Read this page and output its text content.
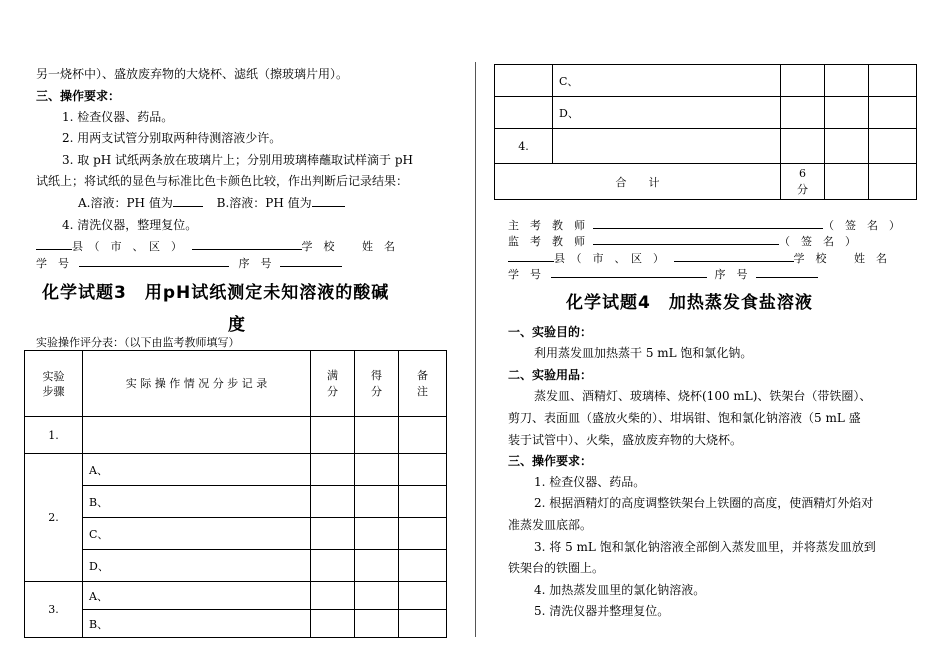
另一烧杯中）、盛放废弃物的大烧杯、滤纸（擦玻璃片用）。
三、操作要求：
1. 检查仪器、药品。
2. 用两支试管分别取两种待测溶液少许。
3. 取 pH 试纸两条放在玻璃片上；分别用玻璃棒蘸取试样滴于 pH
试纸上；将试纸的显色与标准比色卡颜色比较，作出判断后记录结果：
A.溶液：PH 值为	B.溶液：PH 值为
4. 清洗仪器，整理复位。
县　（　市　、　区　）	学　校	姓　名
学　号	序　号
化学试题3　用pH试纸测定未知溶液的酸碱
度
实验操作评分表：（以下由监考教师填写）
实验步骤	实 际 操 作 情 况 分 步 记 录	满分	得分	备注
1.				
2.	A、			
	B、			
	C、			
	D、			
3.	A、			
	B、			
	C、			
	D、			
4.				
合　　计		6分		
主　考　教　师	（　签　名　）
监　考　教　师	（　签　名　）
县　（　市　、　区　）	学　校	姓　名
学　号	序　号
化学试题4　加热蒸发食盐溶液
一、实验目的：
利用蒸发皿加热蒸干 5 mL 饱和氯化钠。
二、实验用品：
蒸发皿、酒精灯、玻璃棒、烧杯(100 mL)、铁架台（带铁圈）、
剪刀、表面皿（盛放火柴的）、坩埚钳、饱和氯化钠溶液（5 mL 盛
装于试管中）、火柴，盛放废弃物的大烧杯。
三、操作要求：
1. 检查仪器、药品。
2. 根据酒精灯的高度调整铁架台上铁圈的高度，使酒精灯外焰对
准蒸发皿底部。
3. 将 5 mL 饱和氯化钠溶液全部倒入蒸发皿里，并将蒸发皿放到
铁架台的铁圈上。
4. 加热蒸发皿里的氯化钠溶液。
5. 清洗仪器并整理复位。
